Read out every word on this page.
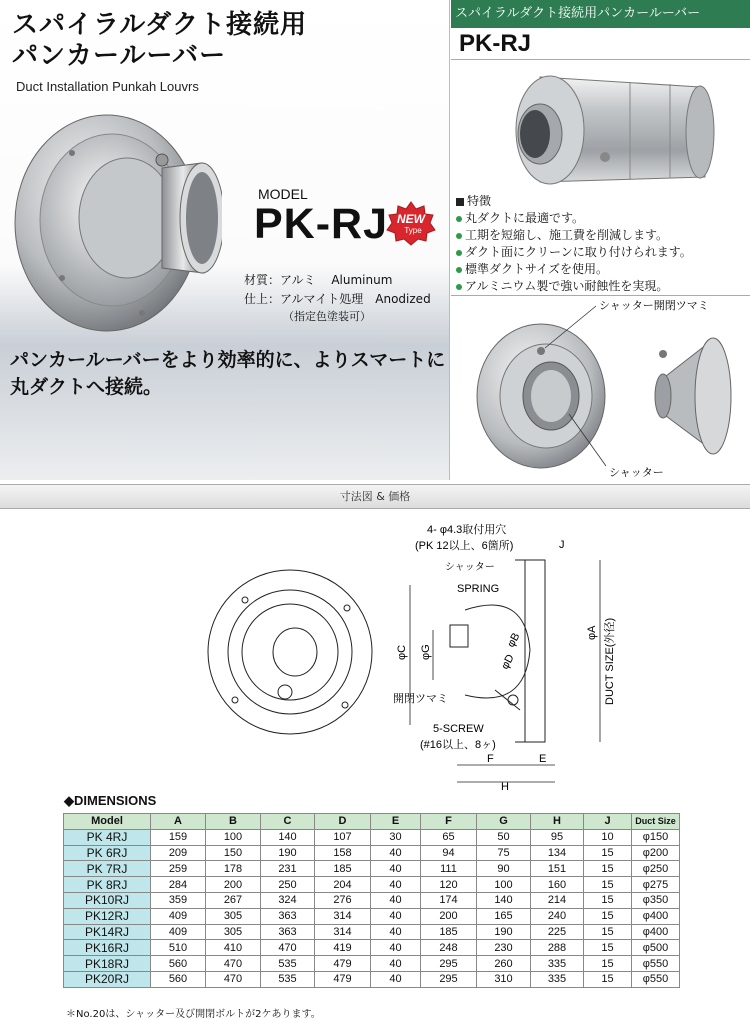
スパイラルダクト接続用
パンカールーバー
Duct Installation Punkah Louvrs
MODEL
PK-RJ NEW
Type
材質：アルミ　 Aluminum
仕上：アルマイト処理　Anodized
（指定色塗装可）
パンカールーバーをより効率的に、よりスマートに
丸ダクトへ接続。
スパイラルダクト接続用パンカールーバー
PK-RJ
特徴
丸ダクトに最適です。
工期を短縮し、施工費を削減します。
ダクト面にクリーンに取り付けられます。
標準ダクトサイズを使用。
アルミニウム製で強い耐蝕性を実現。
シャッター開閉ツマミ
シャッター
寸法図 & 価格
4- φ4.3取付用穴
(PK 12以上、6箇所)	J
シャッター
SPRING
φC φG
φD
φB	φA DUCT SIZE(外径)
開閉ツマミ
5-SCREW
(#16以上、8ヶ)
F	E
H
◆DIMENSIONS
Model	A	B	C	D	E	F	G	H	J	Duct Size
PK 4RJ	159	100	140	107	30	65	50	95	10	φ150
PK 6RJ	209	150	190	158	40	94	75	134	15	φ200
PK 7RJ	259	178	231	185	40	111	90	151	15	φ250
PK 8RJ	284	200	250	204	40	120	100	160	15	φ275
PK10RJ	359	267	324	276	40	174	140	214	15	φ350
PK12RJ	409	305	363	314	40	200	165	240	15	φ400
PK14RJ	409	305	363	314	40	185	190	225	15	φ400
PK16RJ	510	410	470	419	40	248	230	288	15	φ500
PK18RJ	560	470	535	479	40	295	260	335	15	φ550
PK20RJ	560	470	535	479	40	295	310	335	15	φ550
＊No.20は、シャッター及び開閉ボルトが2ケあります。
